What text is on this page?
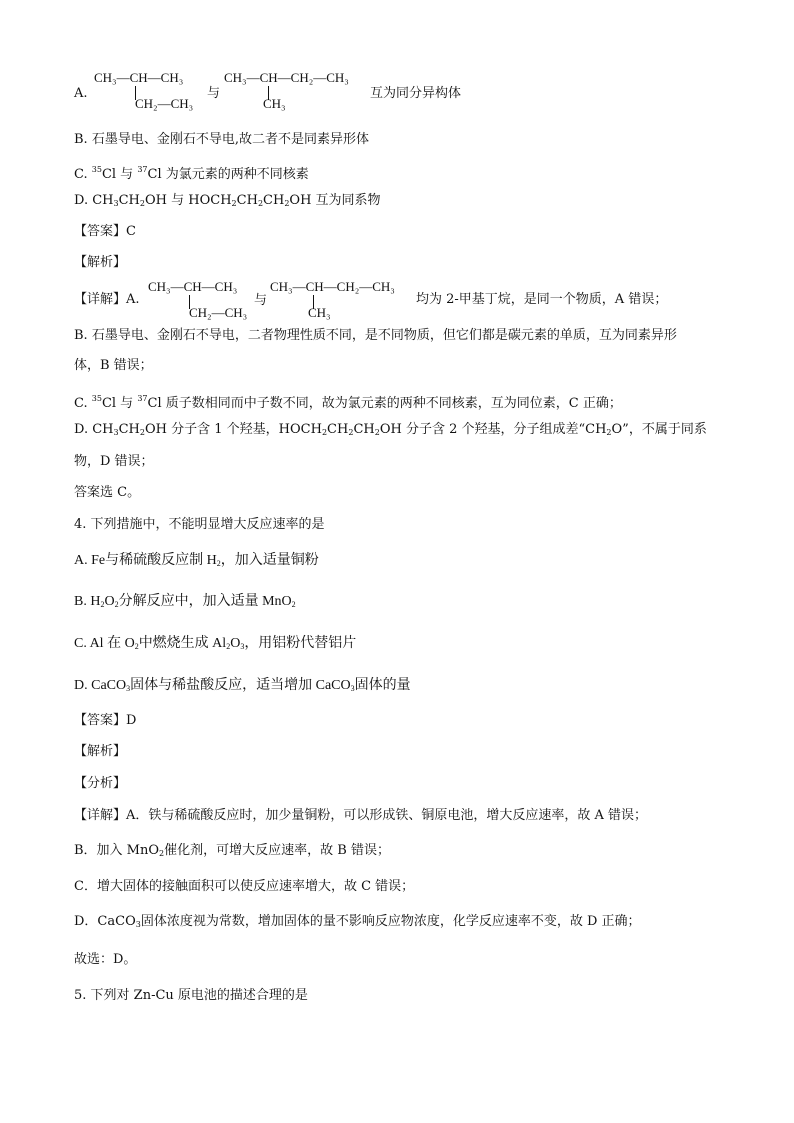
A.
CH₃—CH—CH₃
CH₂—CH₃
与
CH₃—CH—CH₂—CH₃
CH₃
互为同分异构体
B. 石墨导电、金刚石不导电,故二者不是同素异形体
C. $^{35}$Cl 与 $^{37}$Cl 为氯元素的两种不同核素
D. $CH_3CH_2OH$ 与 $HOCH_2CH_2CH_2OH$ 互为同系物
【答案】C
【解析】
【详解】A.
CH₃—CH—CH₃
CH₂—CH₃
与
CH₃—CH—CH₂—CH₃
CH₃
均为 2-甲基丁烷，是同一个物质，A 错误；
B. 石墨导电、金刚石不导电，二者物理性质不同，是不同物质，但它们都是碳元素的单质，互为同素异形
体，B 错误；
C. $^{35}$Cl 与 $^{37}$Cl 质子数相同而中子数不同，故为氯元素的两种不同核素，互为同位素，C 正确；
D. $CH_3CH_2OH$ 分子含 1 个羟基，$HOCH_2CH_2CH_2OH$ 分子含 2 个羟基，分子组成差“$CH_2O$”，不属于同系
物，D 错误；
答案选 C。
4. 下列措施中，不能明显增大反应速率的是
A. Fe与稀硫酸反应制 $H_2$，加入适量铜粉
B. $H_2O_2$分解反应中，加入适量 MnO$_2$
C. Al 在 $O_2$中燃烧生成 $Al_2O_3$，用铝粉代替铝片
D. CaCO$_3$固体与稀盐酸反应，适当增加 CaCO$_3$固体的量
【答案】D
【解析】
【分析】
【详解】A．铁与稀硫酸反应时，加少量铜粉，可以形成铁、铜原电池，增大反应速率，故 A 错误；
B．加入 MnO$_2$催化剂，可增大反应速率，故 B 错误；
C．增大固体的接触面积可以使反应速率增大，故 C 错误；
D．CaCO$_3$固体浓度视为常数，增加固体的量不影响反应物浓度，化学反应速率不变，故 D 正确；
故选：D。
5. 下列对 Zn-Cu 原电池的描述合理的是
